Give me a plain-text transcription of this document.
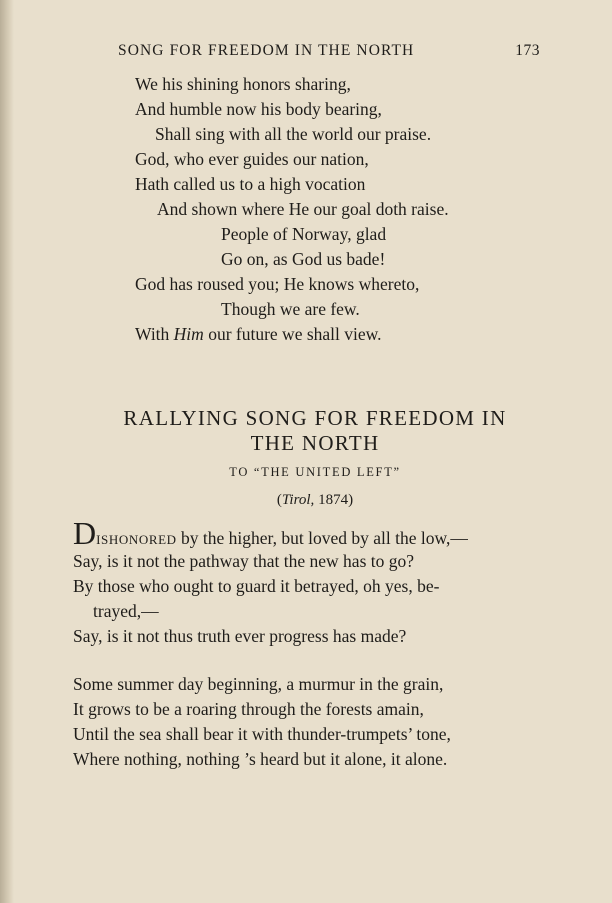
SONG FOR FREEDOM IN THE NORTH	173
We his shining honors sharing,
And humble now his body bearing,
Shall sing with all the world our praise.
God, who ever guides our nation,
Hath called us to a high vocation
And shown where He our goal doth raise.
People of Norway, glad
Go on, as God us bade!
God has roused you; He knows whereto,
Though we are few.
With Him our future we shall view.
RALLYING SONG FOR FREEDOM IN
THE NORTH
TO “THE UNITED LEFT”
(Tirol, 1874)
DISHONORED by the higher, but loved by all the low,—
Say, is it not the pathway that the new has to go?
By those who ought to guard it betrayed, oh yes, be-
trayed,—
Say, is it not thus truth ever progress has made?
Some summer day beginning, a murmur in the grain,
It grows to be a roaring through the forests amain,
Until the sea shall bear it with thunder-trumpets’ tone,
Where nothing, nothing ’s heard but it alone, it alone.
